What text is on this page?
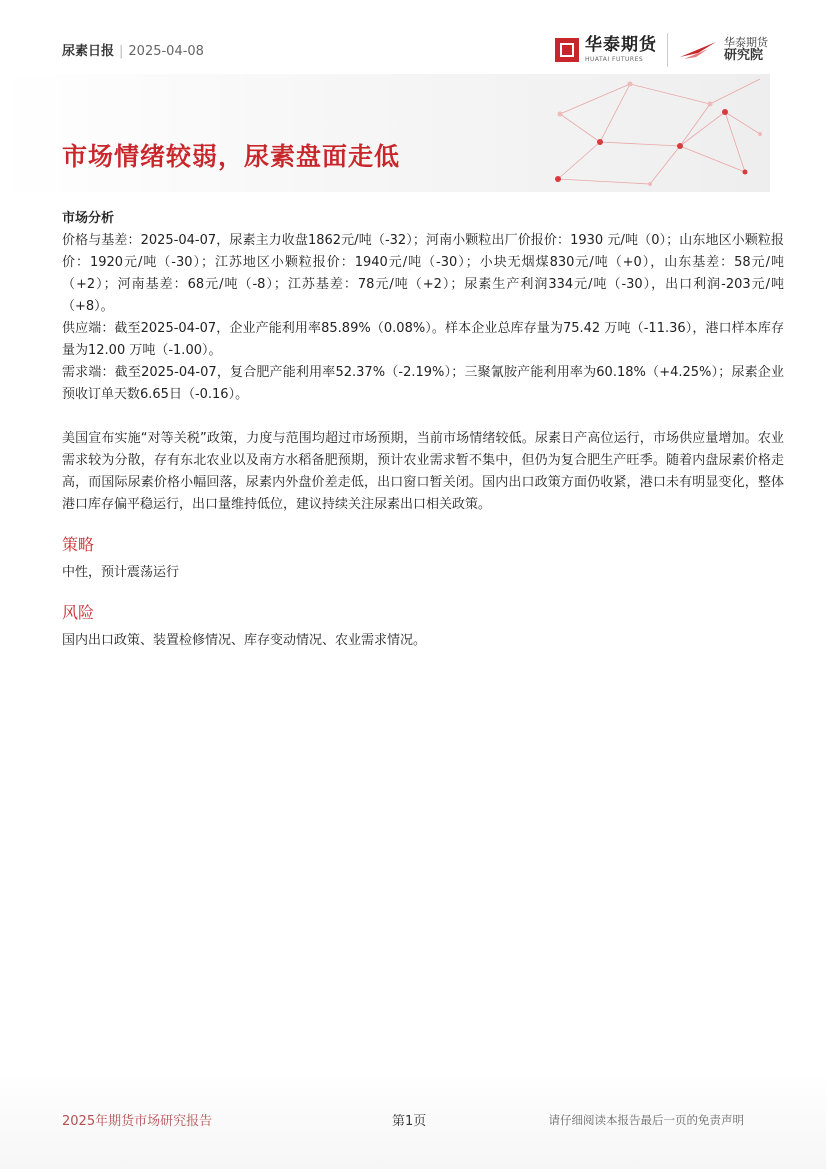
尿素日报 | 2025-04-08	华泰期货
HUATAI FUTURES
华泰期货
研究院
市场情绪较弱，尿素盘面走低
市场分析

价格与基差：2025-04-07，尿素主力收盘1862元/吨（-32）；河南小颗粒出厂价报价：1930 元/吨（0）；山东地区小颗粒报价：1920元/吨（-30）；江苏地区小颗粒报价：1940元/吨（-30）；小块无烟煤830元/吨（+0），山东基差：58元/吨（+2）；河南基差：68元/吨（-8）；江苏基差：78元/吨（+2）；尿素生产利润334元/吨（-30），出口利润-203元/吨（+8）。

供应端：截至2025-04-07，企业产能利用率85.89%（0.08%）。样本企业总库存量为75.42 万吨（-11.36），港口样本库存量为12.00 万吨（-1.00）。

需求端：截至2025-04-07，复合肥产能利用率52.37%（-2.19%）；三聚氰胺产能利用率为60.18%（+4.25%）；尿素企业预收订单天数6.65日（-0.16）。

美国宣布实施“对等关税”政策，力度与范围均超过市场预期，当前市场情绪较低。尿素日产高位运行，市场供应量增加。农业需求较为分散，存有东北农业以及南方水稻备肥预期，预计农业需求暂不集中，但仍为复合肥生产旺季。随着内盘尿素价格走高，而国际尿素价格小幅回落，尿素内外盘价差走低，出口窗口暂关闭。国内出口政策方面仍收紧，港口未有明显变化，整体港口库存偏平稳运行，出口量维持低位，建议持续关注尿素出口相关政策。

策略

中性，预计震荡运行

风险

国内出口政策、装置检修情况、库存变动情况、农业需求情况。

2025年期货市场研究报告	第1页	请仔细阅读本报告最后一页的免责声明
